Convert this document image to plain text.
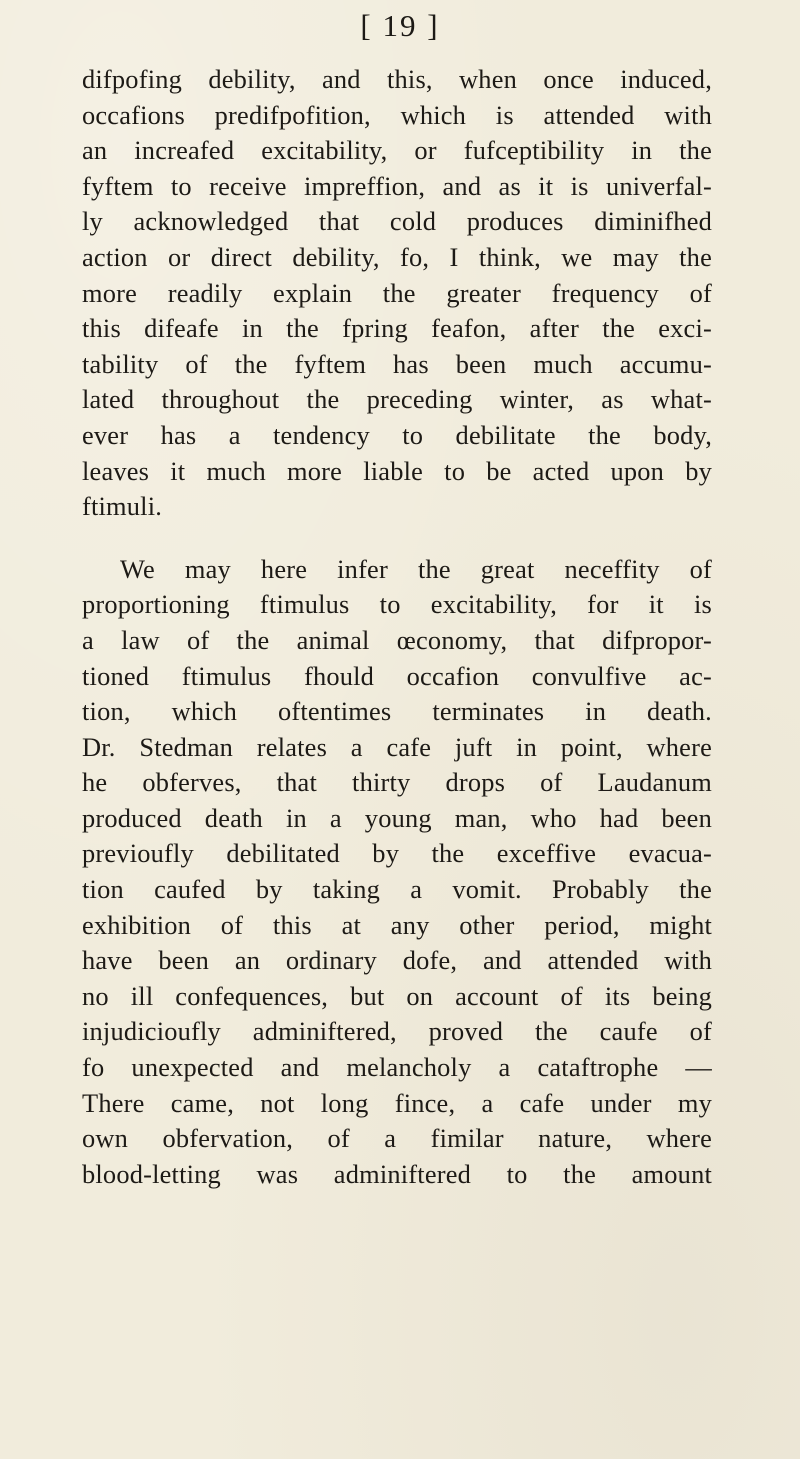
[ 19 ]

difpofing debility, and this, when once induced,
occafions predifpofition, which is attended with
an increafed excitability, or fufceptibility in the
fyftem to receive impreffion, and as it is univerfal-
ly acknowledged that cold produces diminifhed
action or direct debility, fo, I think, we may the
more readily explain the greater frequency of
this difeafe in the fpring feafon, after the exci-
tability of the fyftem has been much accumu-
lated throughout the preceding winter, as what-
ever has a tendency to debilitate the body,
leaves it much more liable to be acted upon by
ftimuli.

We may here infer the great neceffity of
proportioning ftimulus to excitability, for it is
a law of the animal œconomy, that difpropor-
tioned ftimulus fhould occafion convulfive ac-
tion, which oftentimes terminates in death.
Dr. Stedman relates a cafe juft in point, where
he obferves, that thirty drops of Laudanum
produced death in a young man, who had been
previoufly debilitated by the exceffive evacua-
tion caufed by taking a vomit. Probably the
exhibition of this at any other period, might
have been an ordinary dofe, and attended with
no ill confequences, but on account of its being
injudicioufly adminiftered, proved the caufe of
fo unexpected and melancholy a cataftrophe —
There came, not long fince, a cafe under my
own obfervation, of a fimilar nature, where
blood-letting was adminiftered to the amount
